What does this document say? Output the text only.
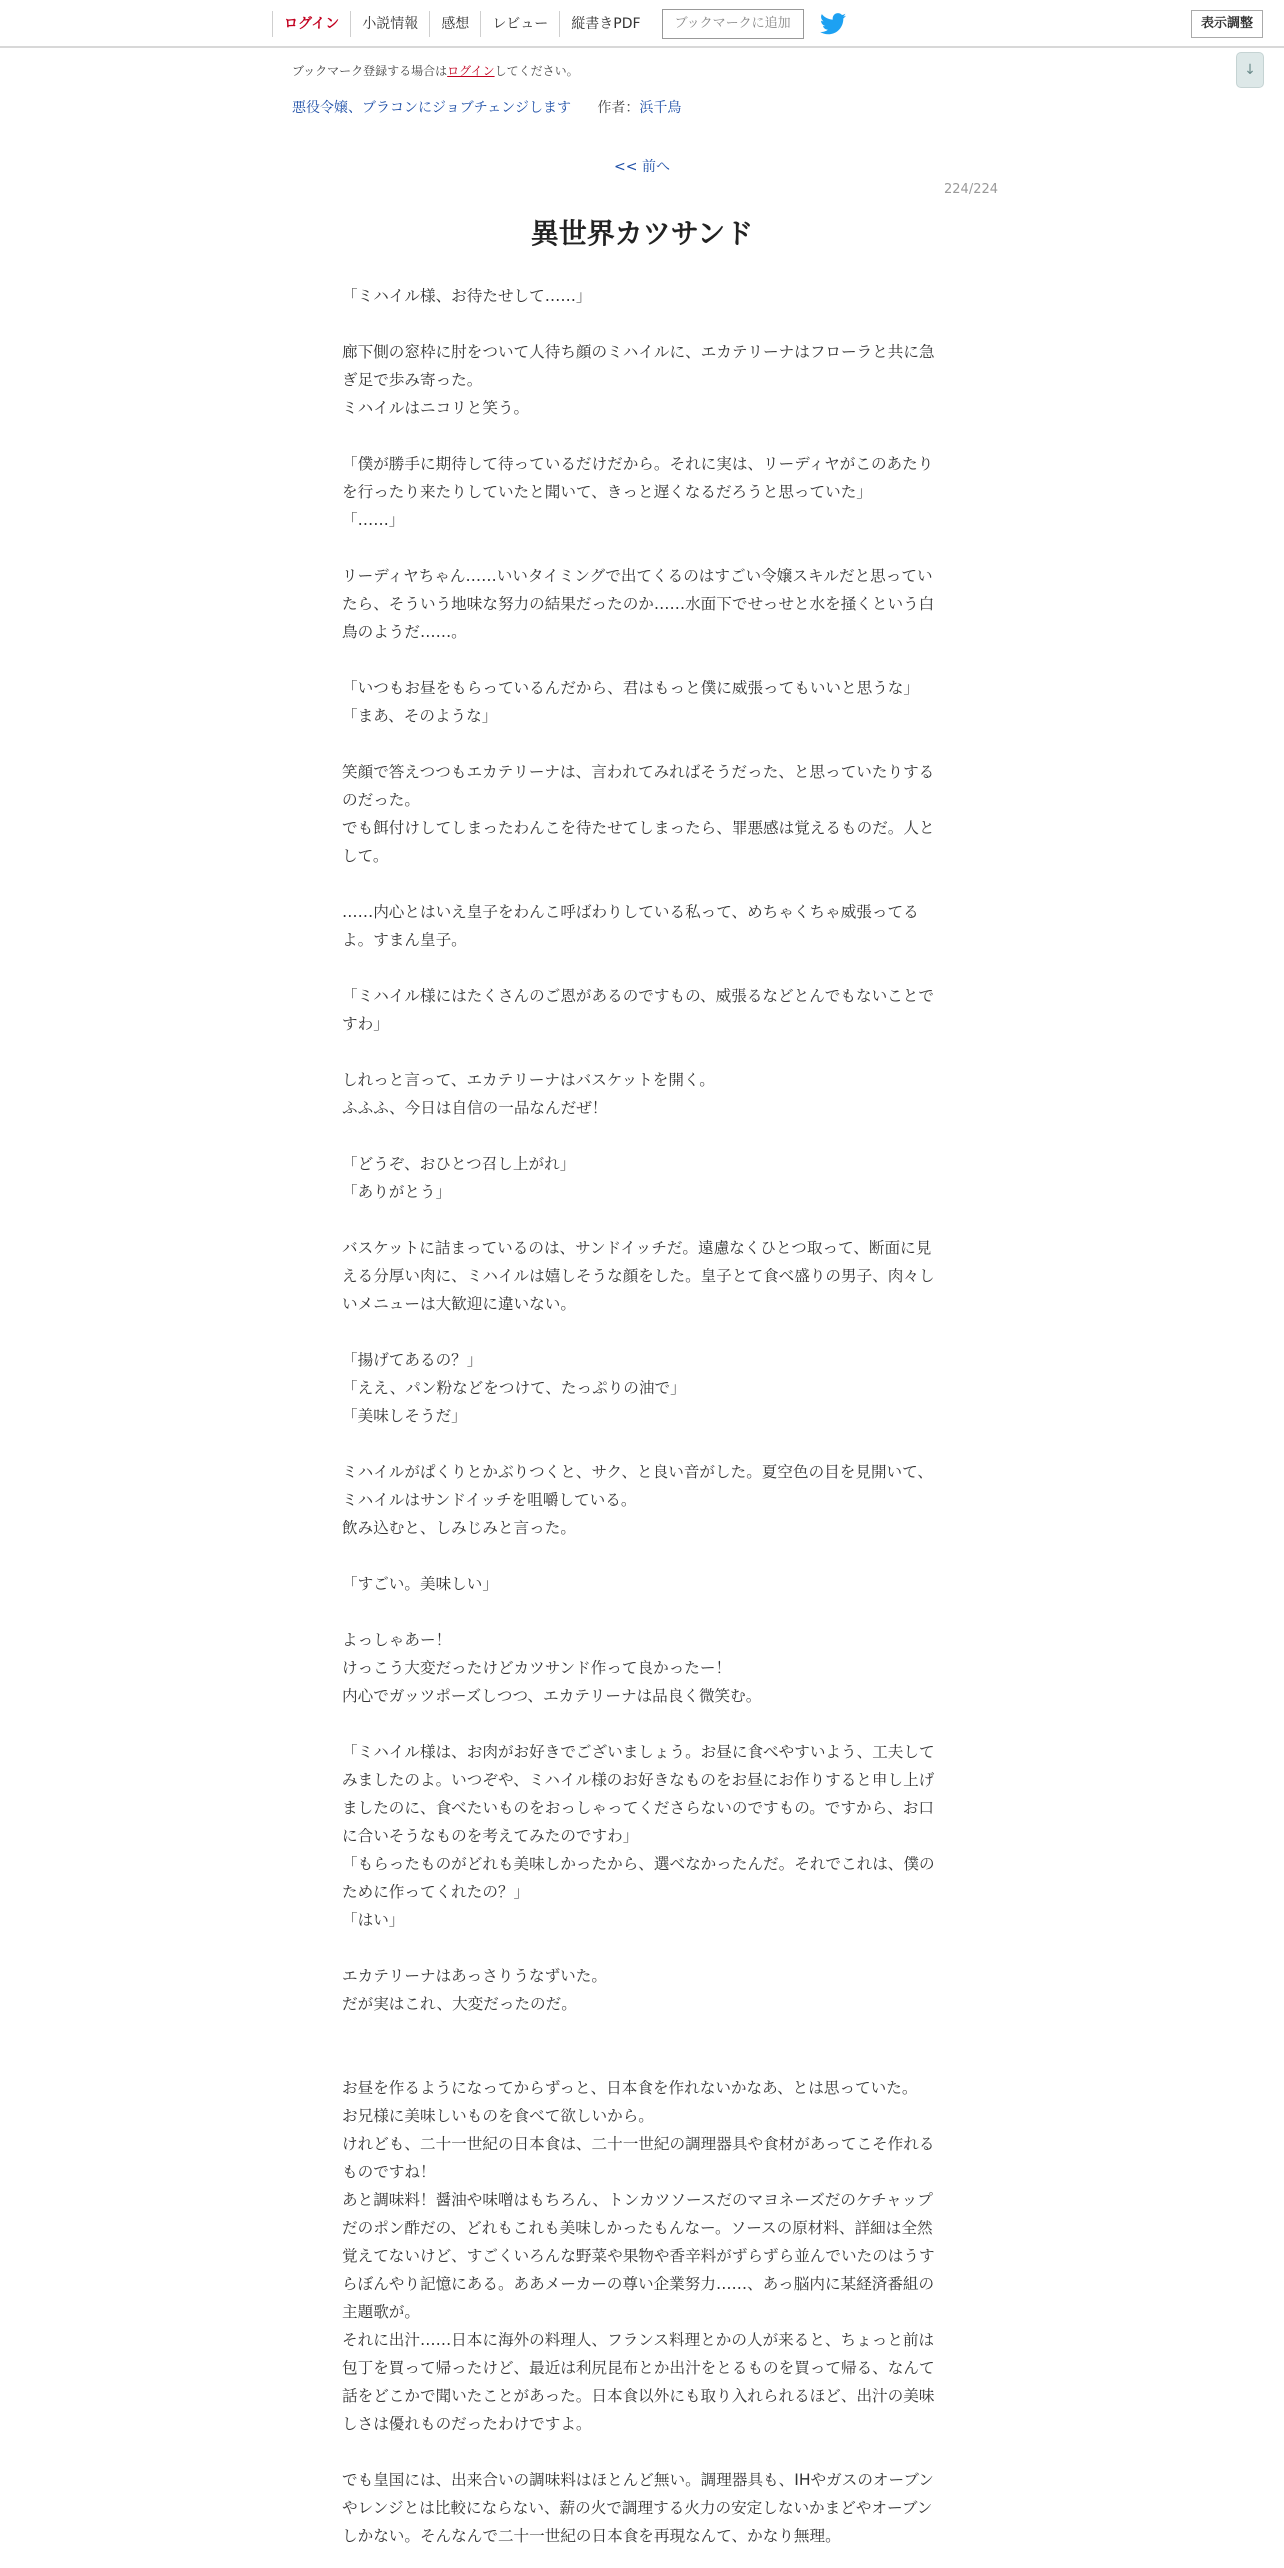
ログイン	小説情報	感想	レビュー	縦書きPDF	ブックマークに追加	表示調整
↓
ブックマーク登録する場合はログインしてください。
悪役令嬢、ブラコンにジョブチェンジします 作者：浜千鳥
<< 前へ
224/224
異世界カツサンド

「ミハイル様、お待たせして……」

廊下側の窓枠に肘をついて人待ち顔のミハイルに、エカテリーナはフローラと共に急ぎ足で歩み寄った。

ミハイルはニコリと笑う。

「僕が勝手に期待して待っているだけだから。それに実は、リーディヤがこのあたりを行ったり来たりしていたと聞いて、きっと遅くなるだろうと思っていた」

「……」

リーディヤちゃん……いいタイミングで出てくるのはすごい令嬢スキルだと思っていたら、そういう地味な努力の結果だったのか……水面下でせっせと水を掻くという白鳥のようだ……。

「いつもお昼をもらっているんだから、君はもっと僕に威張ってもいいと思うな」

「まあ、そのような」

笑顔で答えつつもエカテリーナは、言われてみればそうだった、と思っていたりするのだった。

でも餌付けしてしまったわんこを待たせてしまったら、罪悪感は覚えるものだ。人として。

……内心とはいえ皇子をわんこ呼ばわりしている私って、めちゃくちゃ威張ってるよ。すまん皇子。

「ミハイル様にはたくさんのご恩があるのですもの、威張るなどとんでもないことですわ」

しれっと言って、エカテリーナはバスケットを開く。

ふふふ、今日は自信の一品なんだぜ！

「どうぞ、おひとつ召し上がれ」

「ありがとう」

バスケットに詰まっているのは、サンドイッチだ。遠慮なくひとつ取って、断面に見える分厚い肉に、ミハイルは嬉しそうな顔をした。皇子とて食べ盛りの男子、肉々しいメニューは大歓迎に違いない。

「揚げてあるの？」

「ええ、パン粉などをつけて、たっぷりの油で」

「美味しそうだ」

ミハイルがぱくりとかぶりつくと、サク、と良い音がした。夏空色の目を見開いて、ミハイルはサンドイッチを咀嚼している。

飲み込むと、しみじみと言った。

「すごい。美味しい」

よっしゃあー！

けっこう大変だったけどカツサンド作って良かったー！

内心でガッツポーズしつつ、エカテリーナは品良く微笑む。

「ミハイル様は、お肉がお好きでございましょう。お昼に食べやすいよう、工夫してみましたのよ。いつぞや、ミハイル様のお好きなものをお昼にお作りすると申し上げましたのに、食べたいものをおっしゃってくださらないのですもの。ですから、お口に合いそうなものを考えてみたのですわ」

「もらったものがどれも美味しかったから、選べなかったんだ。それでこれは、僕のために作ってくれたの？」

「はい」

エカテリーナはあっさりうなずいた。

だが実はこれ、大変だったのだ。

お昼を作るようになってからずっと、日本食を作れないかなあ、とは思っていた。

お兄様に美味しいものを食べて欲しいから。

けれども、二十一世紀の日本食は、二十一世紀の調理器具や食材があってこそ作れるものですね！

あと調味料！醤油や味噌はもちろん、トンカツソースだのマヨネーズだのケチャップだのポン酢だの、どれもこれも美味しかったもんなー。ソースの原材料、詳細は全然覚えてないけど、すごくいろんな野菜や果物や香辛料がずらずら並んでいたのはうすらぼんやり記憶にある。ああメーカーの尊い企業努力……、あっ脳内に某経済番組の主題歌が。

それに出汁……日本に海外の料理人、フランス料理とかの人が来ると、ちょっと前は包丁を買って帰ったけど、最近は利尻昆布とか出汁をとるものを買って帰る、なんて話をどこかで聞いたことがあった。日本食以外にも取り入れられるほど、出汁の美味しさは優れものだったわけですよ。

でも皇国には、出来合いの調味料はほとんど無い。調理器具も、IHやガスのオーブンやレンジとは比較にならない、薪の火で調理する火力の安定しないかまどやオーブンしかない。そんなんで二十一世紀の日本食を再現なんて、かなり無理。
